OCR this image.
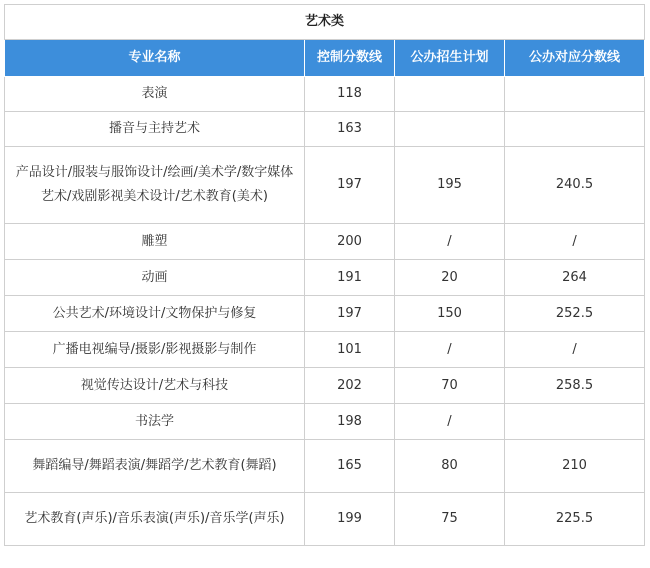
艺术类			
专业名称	控制分数线	公办招生计划	公办对应分数线
表演	118		
播音与主持艺术	163		
产品设计/服装与服饰设计/绘画/美术学/数字媒体艺术/戏剧影视美术设计/艺术教育(美术)	197	195	240.5
雕塑	200	/	/
动画	191	20	264
公共艺术/环境设计/文物保护与修复	197	150	252.5
广播电视编导/摄影/影视摄影与制作	101	/	/
视觉传达设计/艺术与科技	202	70	258.5
书法学	198	/	
舞蹈编导/舞蹈表演/舞蹈学/艺术教育(舞蹈)	165	80	210
艺术教育(声乐)/音乐表演(声乐)/音乐学(声乐)	199	75	225.5
